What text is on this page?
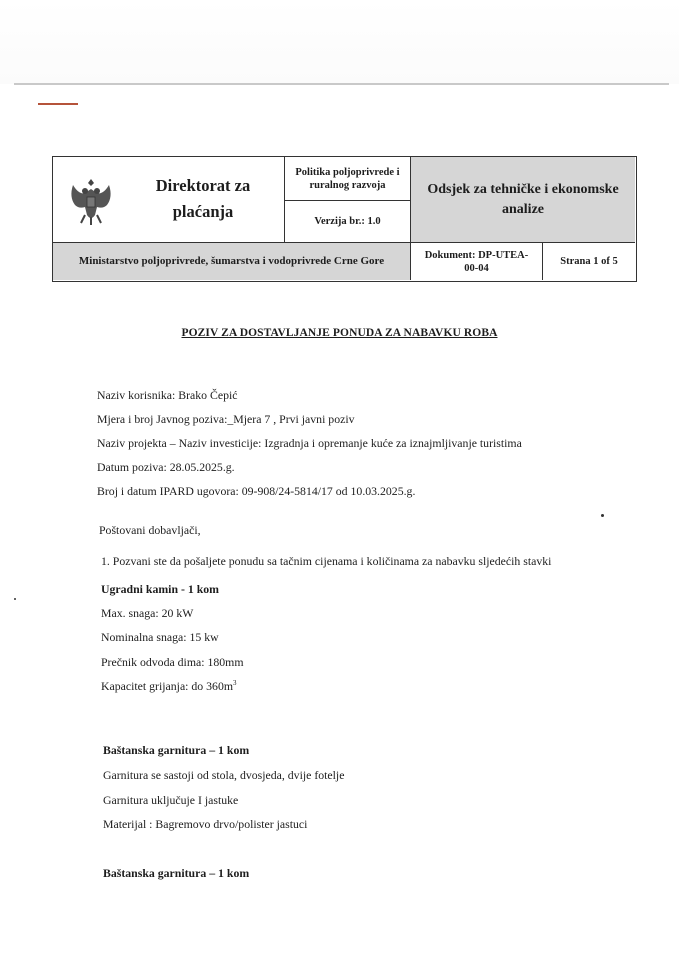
Direktorat za plaćanja
Politika poljoprivrede i ruralnog razvoja
Verzija br.: 1.0
Odsjek za tehničke i ekonomske analize
Ministarstvo poljoprivrede, šumarstva i vodoprivrede Crne Gore	Dokument: DP-UTEA-00-04
Strana 1 of 5
POZIV ZA DOSTAVLJANJE PONUDA ZA NABAVKU ROBA
Naziv korisnika: Brako Čepić
Mjera i broj Javnog poziva:_Mjera 7 , Prvi javni poziv
Naziv projekta – Naziv investicije: Izgradnja i opremanje kuće za iznajmljivanje turistima
Datum poziva: 28.05.2025.g.
Broj i datum IPARD ugovora: 09-908/24-5814/17 od 10.03.2025.g.
Poštovani dobavljači,
1. Pozvani ste da pošaljete ponudu sa tačnim cijenama i količinama za nabavku sljedećih stavki
Ugradni kamin - 1 kom
Max. snaga: 20 kW
Nominalna snaga: 15 kw
Prečnik odvoda dima: 180mm
Kapacitet grijanja: do $360m^3$
Baštanska garnitura – 1 kom
Garnitura se sastoji od stola, dvosjeda, dvije fotelje
Garnitura uključuje I jastuke
Materijal : Bagremovo drvo/polister jastuci
Baštanska garnitura – 1 kom
